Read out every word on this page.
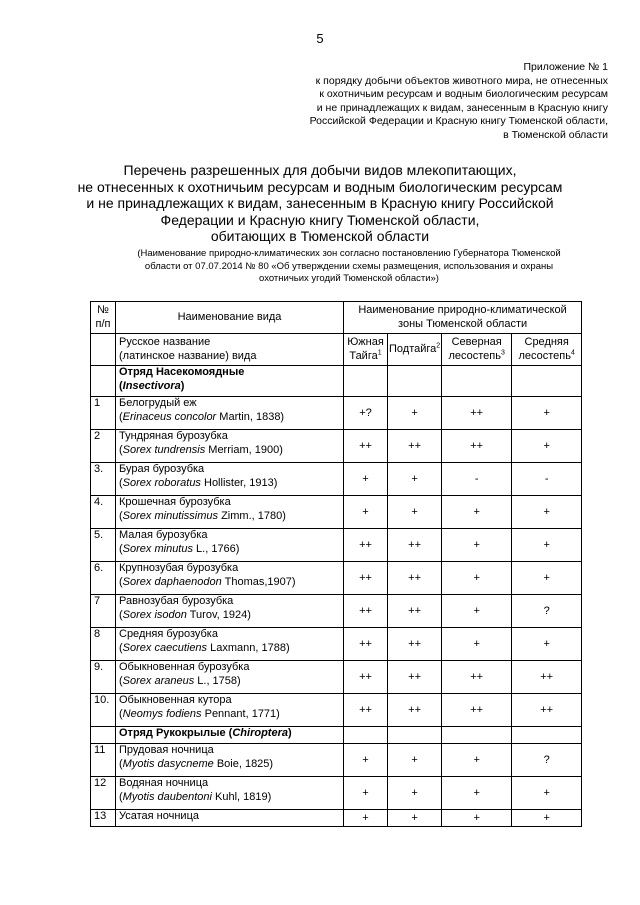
5
Приложение № 1
к порядку добычи объектов животного мира, не отнесенных
к охотничьим ресурсам и водным биологическим ресурсам
и не принадлежащих к видам, занесенным в Красную книгу
Российской Федерации и Красную книгу Тюменской области,
в Тюменской области
Перечень разрешенных для добычи видов млекопитающих,
не отнесенных к охотничьим ресурсам и водным биологическим ресурсам
и не принадлежащих к видам, занесенным в Красную книгу Российской
Федерации и Красную книгу Тюменской области,
обитающих в Тюменской области
(Наименование природно-климатических зон согласно постановлению Губернатора Тюменской
области от 07.07.2014 № 80 «Об утверждении схемы размещения, использования и охраны
охотничьих угодий Тюменской области»)
№
п/п	Наименование вида	Наименование природно-климатической зоны Тюменской области			
	Русское название
(латинское название) вида	Южная
Тайга$^1$	Подтайга$^2$	Северная
лесостепь$^3$	Средняя
лесостепь$^4$
	Отряд Насекомоядные
(Insectivora)				
1	Белогрудый еж
(Erinaceus concolor Martin, 1838)	+?	+	++	+
2	Тундряная бурозубка
(Sorex tundrensis Merriam, 1900)	++	++	++	+
3.	Бурая бурозубка
(Sorex roboratus Hollister, 1913)	+	+	-	-
4.	Крошечная бурозубка
(Sorex minutissimus Zimm., 1780)	+	+	+	+
5.	Малая бурозубка
(Sorex minutus L., 1766)	++	++	+	+
6.	Крупнозубая бурозубка
(Sorex daphaenodon Thomas,1907)	++	++	+	+
7	Равнозубая бурозубка
(Sorex isodon Turov, 1924)	++	++	+	?
8	Средняя бурозубка
(Sorex caecutiens Laxmann, 1788)	++	++	+	+
9.	Обыкновенная бурозубка
(Sorex araneus L., 1758)	++	++	++	++
10.	Обыкновенная кутора
(Neomys fodiens Pennant, 1771)	++	++	++	++
	Отряд Рукокрылые (Chiroptera)				
11	Прудовая ночница
(Myotis dasycneme Boie, 1825)	+	+	+	?
12	Водяная ночница
(Myotis daubentoni Kuhl, 1819)	+	+	+	+
13	Усатая ночница	+	+	+	+
